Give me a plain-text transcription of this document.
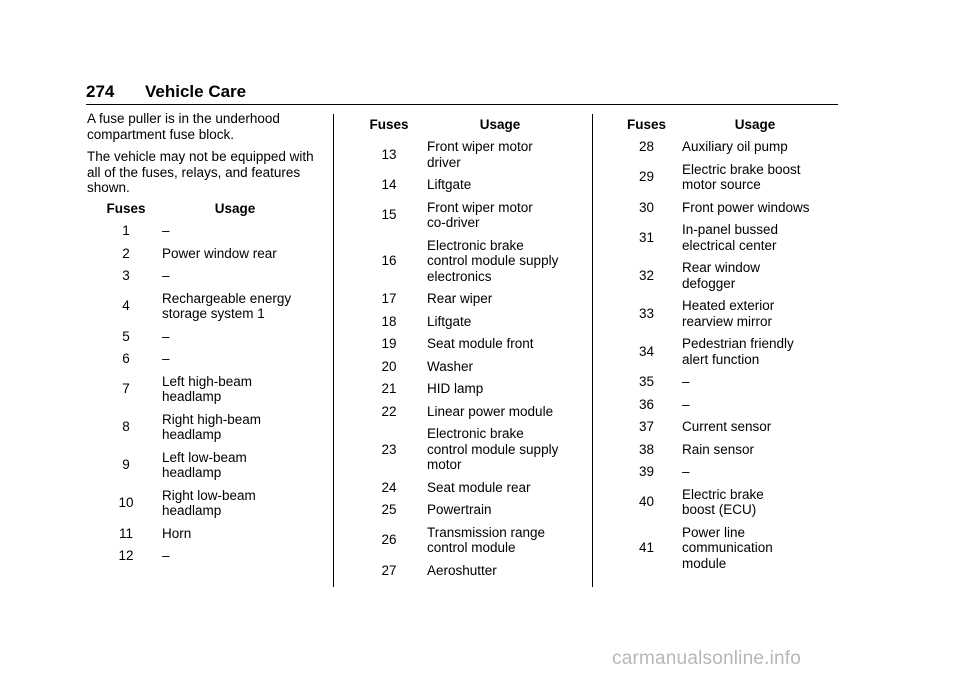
274 Vehicle Care

A fuse puller is in the underhood compartment fuse block.

The vehicle may not be equipped with all of the fuses, relays, and features shown.

Fuses	Usage
1	–

2	Power window rear

3	–

4	Rechargeable energy
storage system 1

5	–

6	–

7	Left high-beam
headlamp

8	Right high-beam
headlamp

9	Left low-beam
headlamp

10	Right low-beam
headlamp

11	Horn

12	–
Fuses	Usage
13	Front wiper motor
driver

14	Liftgate

15	Front wiper motor
co-driver

16	Electronic brake
control module supply
electronics

17	Rear wiper

18	Liftgate

19	Seat module front

20	Washer

21	HID lamp

22	Linear power module

23	Electronic brake
control module supply
motor

24	Seat module rear

25	Powertrain

26	Transmission range
control module

27	Aeroshutter
Fuses	Usage
28	Auxiliary oil pump

29	Electric brake boost
motor source

30	Front power windows

31	In-panel bussed
electrical center

32	Rear window
defogger

33	Heated exterior
rearview mirror

34	Pedestrian friendly
alert function

35	–

36	–

37	Current sensor

38	Rain sensor

39	–

40	Electric brake
boost (ECU)

41	Power line
communication
module
carmanualsonline.info
